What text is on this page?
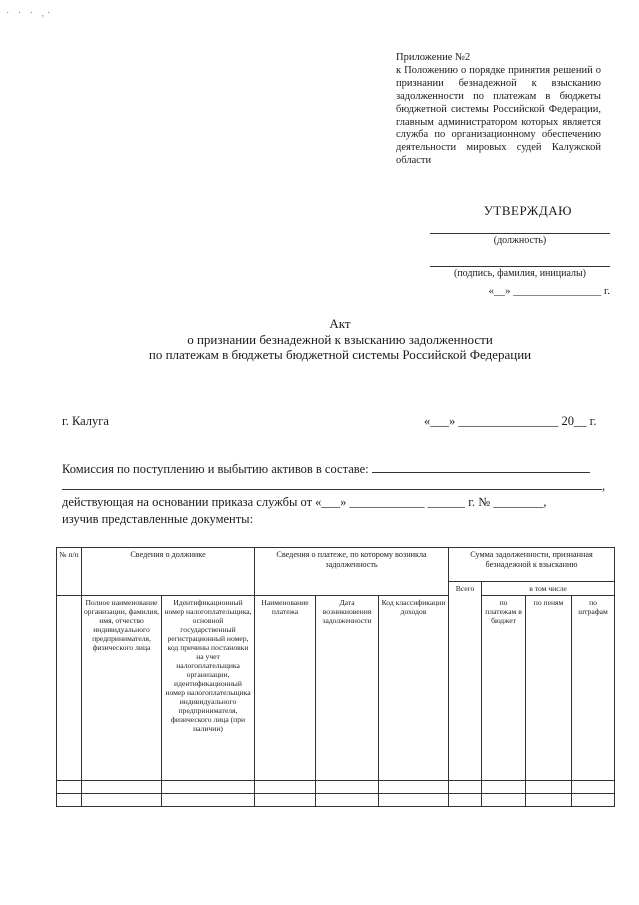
· · · ,·
Приложение №2
к Положению о порядке принятия решений о признании безнадежной к взысканию задолженности по платежам в бюджеты бюджетной системы Российской Федерации, главным администратором которых является служба по организационному обеспечению деятельности мировых судей Калужской области
УТВЕРЖДАЮ
(должность)
(подпись, фамилия, инициалы)
«__» ________________ г.
Акт
о признании безнадежной к взысканию задолженности
по платежам в бюджеты бюджетной системы Российской Федерации
г. Калуга	«___» ________________ 20__ г.
Комиссия по поступлению и выбытию активов в составе:
,
действующая на основании приказа службы от «___» ____________ ______ г. № ________,
изучив представленные документы:
№ п/п	Сведения о должнике		Сведения о платеже, по которому возникла задолженность			Сумма задолженности, признанная безнадежной к взысканию			
						Всего	в том числе		
	Полное наименование организации, фамилия, имя, отчество индивидуального предпринимателя, физического лица	Идентификационный номер налогоплательщика, основной государственный регистрационный номер, код причины постановки на учет налогоплательщика организации, идентификационный номер налогоплательщика индивидуального предпринимателя, физического лица (при наличии)	Наименование платежа	Дата возникновения задолженности	Код классификации доходов		по платежам в бюджет	по пеням	по штрафам
